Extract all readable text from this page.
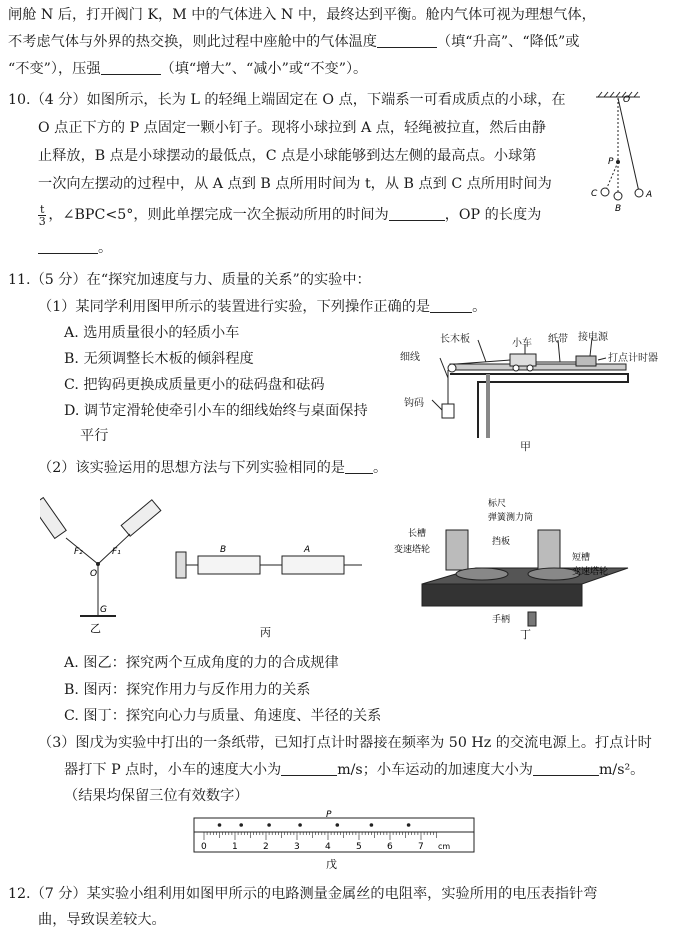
闸舱 N 后，打开阀门 K，M 中的气体进入 N 中，最终达到平衡。舱内气体可视为理想气体，
不考虑气体与外界的热交换，则此过程中座舱中的气体温度	（填“升高”、“降低”或
“不变”），压强	（填“增大”、“减小”或“不变”）。
10.（4 分）如图所示，长为 L 的轻绳上端固定在 O 点，下端系一可看成质点的小球，在
O 点正下方的 P 点固定一颗小钉子。现将小球拉到 A 点，轻绳被拉直，然后由静
止释放，B 点是小球摆动的最低点，C 点是小球能够到达左侧的最高点。小球第
一次向左摆动的过程中，从 A 点到 B 点所用时间为 t，从 B 点到 C 点所用时间为
$\frac{t}{3}$ ，∠BPC<5°，则此单摆完成一次全振动所用的时间为	，OP 的长度为
。
O
P
A
C
B
11.（5 分）在“探究加速度与力、质量的关系”的实验中：
（1）某同学利用图甲所示的装置进行实验，下列操作正确的是	。
A. 选用质量很小的轻质小车
B. 无须调整长木板的倾斜程度
C. 把钩码更换成质量更小的砝码盘和砝码
D. 调节定滑轮使牵引小车的细线始终与桌面保持
平行
长木板	小车 纸带 接电源
细线	打点计时器
钩码
甲
（2）该实验运用的思想方法与下列实验相同的是 。
F₂	F₁
O
G
乙
B	A
丙
标尺
弹簧测力筒
长槽
挡板
短槽
变速塔轮
变速塔轮
手柄
丁
A. 图乙：探究两个互成角度的力的合成规律
B. 图丙：探究作用力与反作用力的关系
C. 图丁：探究向心力与质量、角速度、半径的关系
（3）图戊为实验中打出的一条纸带，已知打点计时器接在频率为 50 Hz 的交流电源上。打点计时
器打下 P 点时，小车的速度大小为	m/s；小车运动的加速度大小为	m/s²。
（结果均保留三位有效数字）
0	1	2	3	4	5	6	7
P
cm
戊
12.（7 分）某实验小组利用如图甲所示的电路测量金属丝的电阻率，实验所用的电压表指针弯
曲，导致误差较大。
